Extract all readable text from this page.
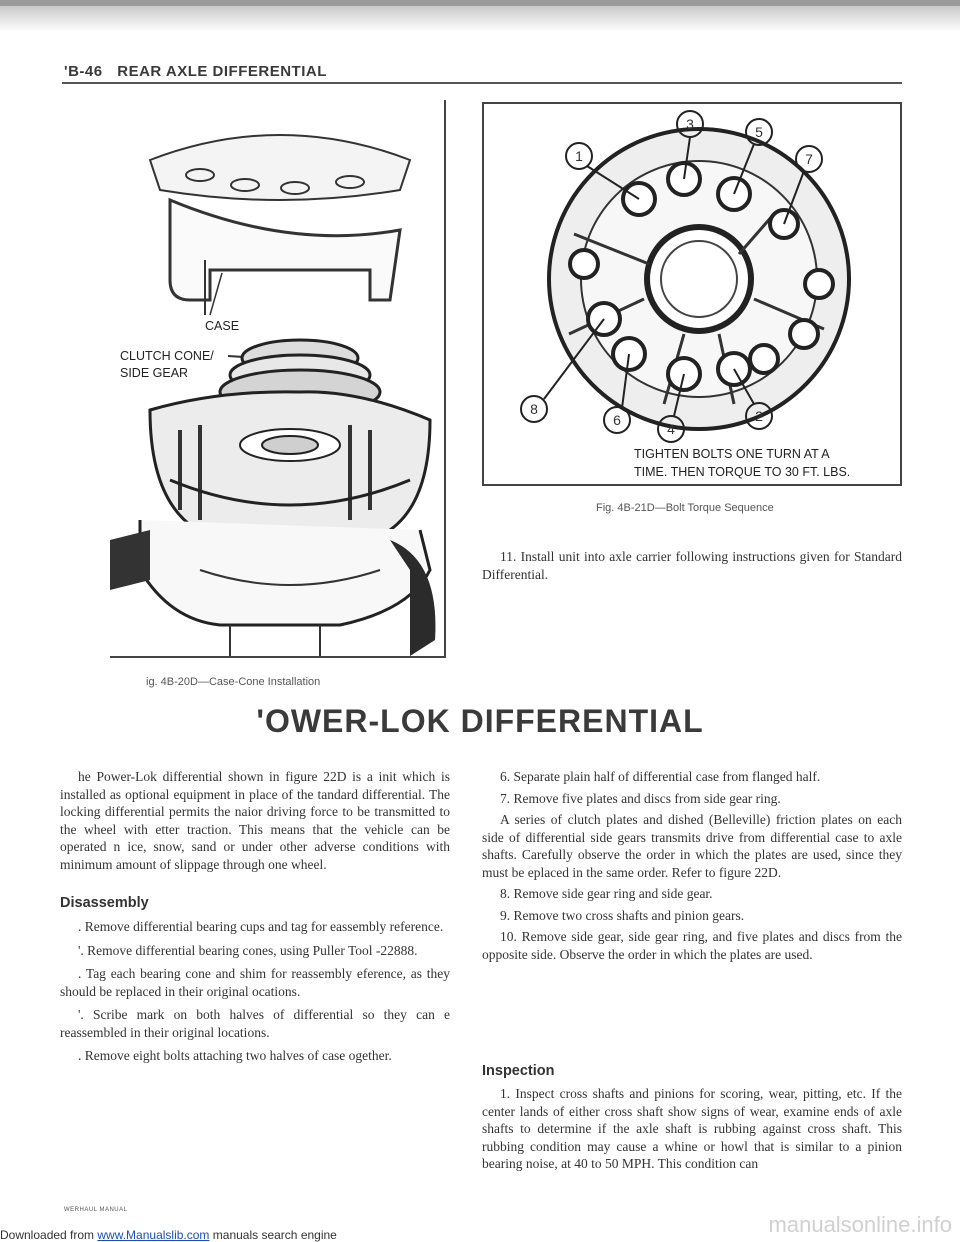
'B-46 REAR AXLE DIFFERENTIAL
CASE
CLUTCH CONE/
SIDE GEAR
ig. 4B-20D—Case-Cone Installation
3
1
5
7
8
6
4
2
TIGHTEN BOLTS ONE TURN AT A
TIME. THEN TORQUE TO 30 FT. LBS.
Fig. 4B-21D—Bolt Torque Sequence

11. Install unit into axle carrier following instructions given for Standard Differential.

'OWER-LOK DIFFERENTIAL

he Power-Lok differential shown in figure 22D is a init which is installed as optional equipment in place of the tandard differential. The locking differential permits the naior driving force to be transmitted to the wheel with etter traction. This means that the vehicle can be operated n ice, snow, sand or under other adverse conditions with minimum amount of slippage through one wheel.

Disassembly

. Remove differential bearing cups and tag for eassembly reference.

'. Remove differential bearing cones, using Puller Tool -22888.

. Tag each bearing cone and shim for reassembly eference, as they should be replaced in their original ocations.

'. Scribe mark on both halves of differential so they can e reassembled in their original locations.

. Remove eight bolts attaching two halves of case ogether.

6. Separate plain half of differential case from flanged half.

7. Remove five plates and discs from side gear ring.

A series of clutch plates and dished (Belleville) friction plates on each side of differential side gears transmits drive from differential case to axle shafts. Carefully observe the order in which the plates are used, since they must be eplaced in the same order. Refer to figure 22D.

8. Remove side gear ring and side gear.

9. Remove two cross shafts and pinion gears.

10. Remove side gear, side gear ring, and five plates and discs from the opposite side. Observe the order in which the plates are used.

Inspection

1. Inspect cross shafts and pinions for scoring, wear, pitting, etc. If the center lands of either cross shaft show signs of wear, examine ends of axle shafts to determine if the axle shaft is rubbing against cross shaft. This rubbing condition may cause a whine or howl that is similar to a pinion bearing noise, at 40 to 50 MPH. This condition can

WERHAUL MANUAL
Downloaded from www.Manualslib.com manuals search engine	manualsonline.info
